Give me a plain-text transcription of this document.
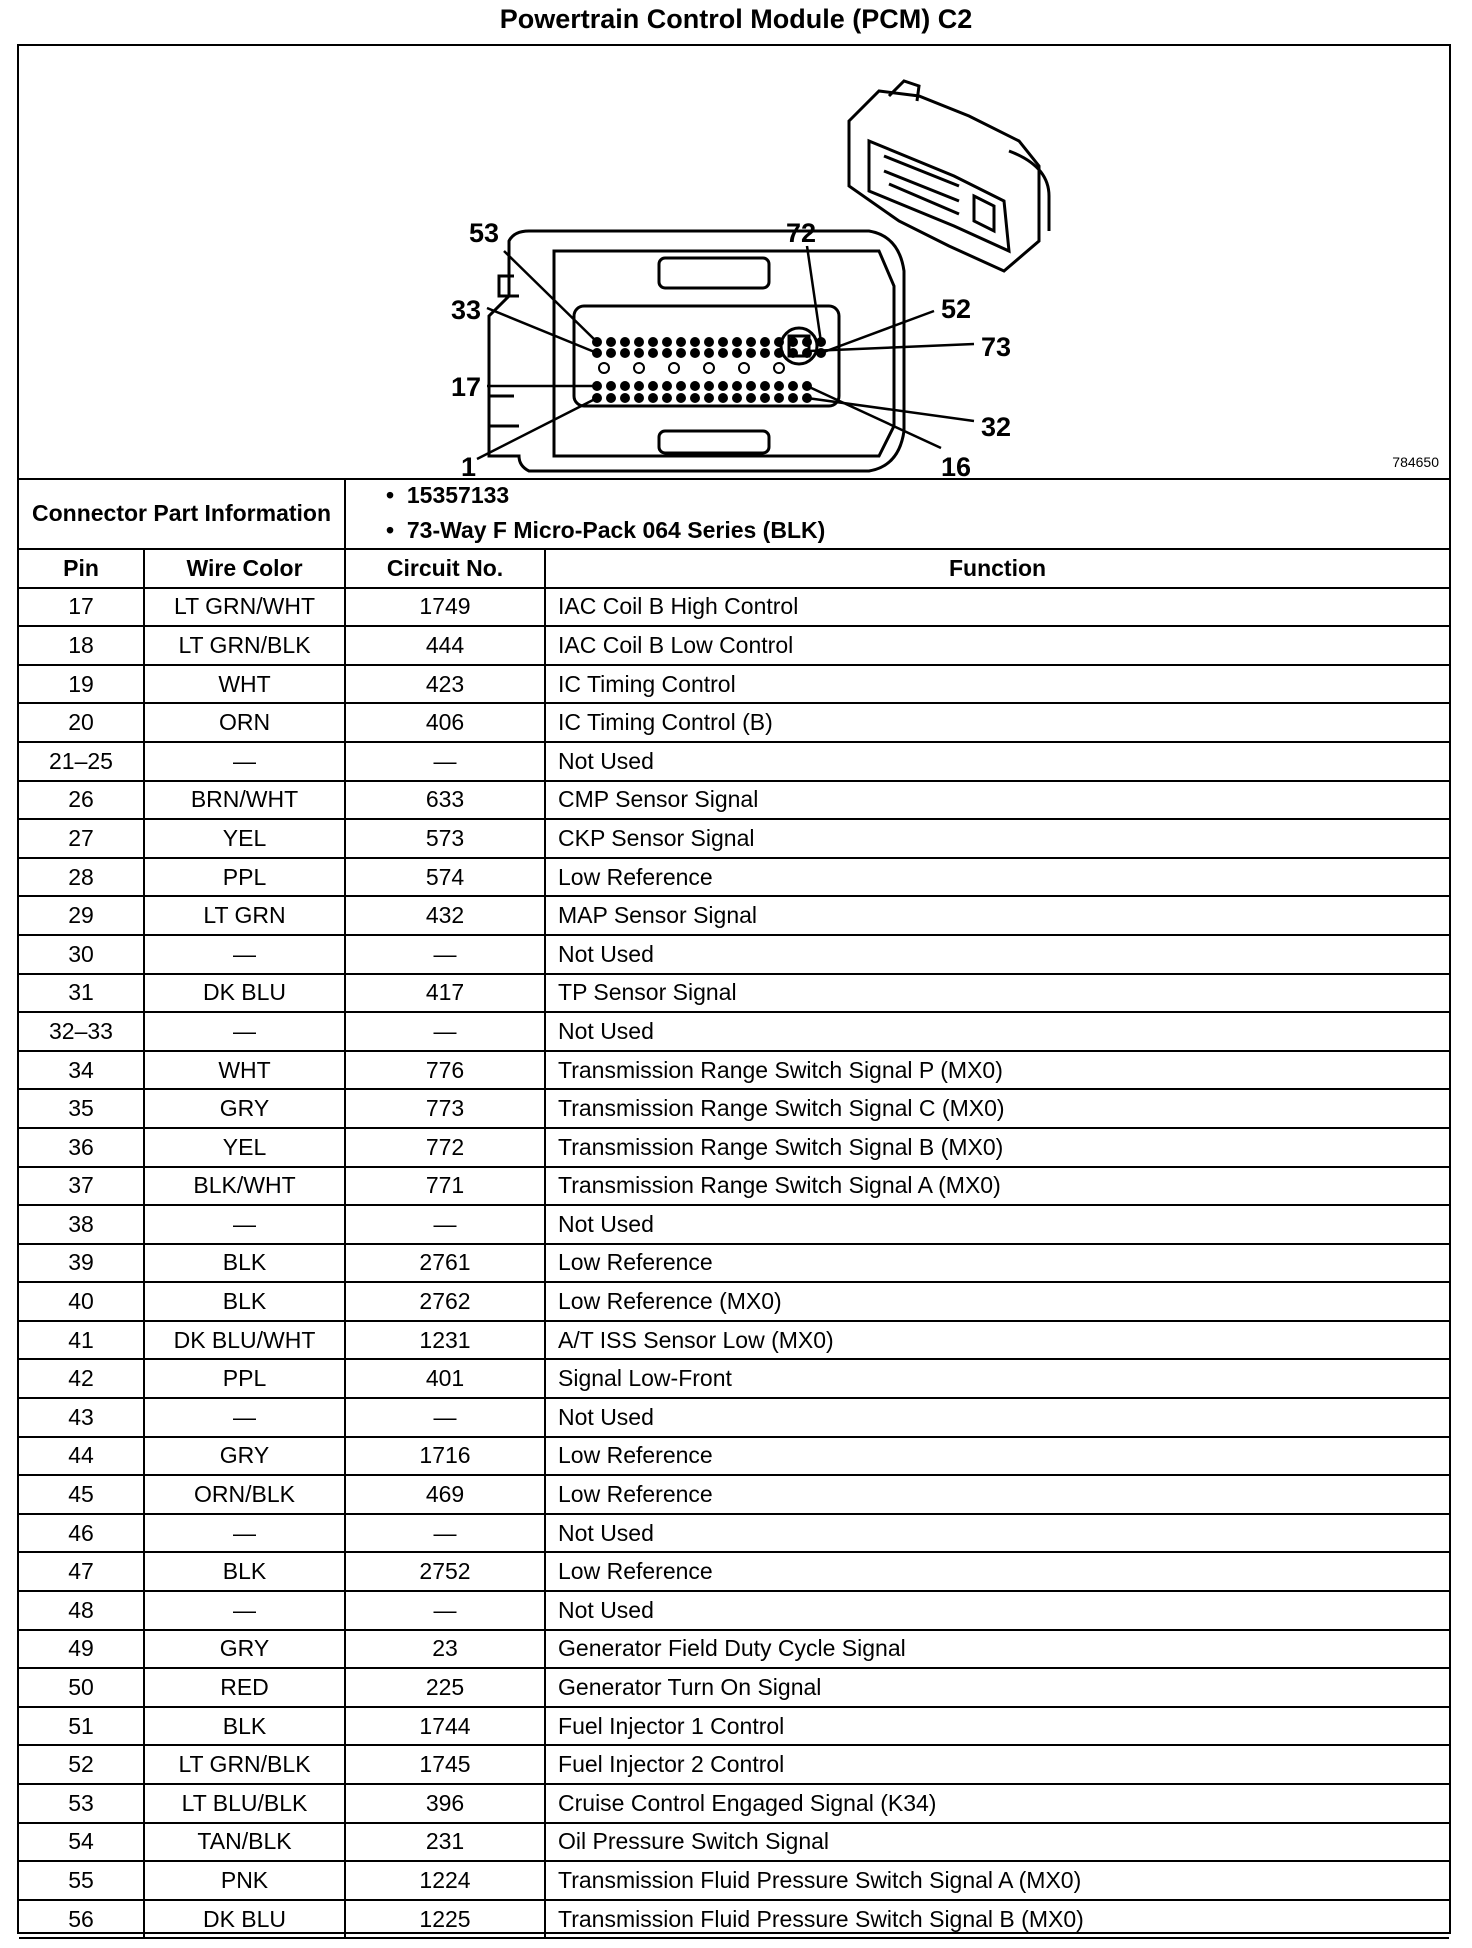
Powertrain Control Module (PCM) C2
53	72
33	52
73
17
32
1	16	784650
Connector Part Information		•  15357133
•  73-Way F Micro-Pack 064 Series (BLK)	

Pin	Wire Color	Circuit No.	Function
17	LT GRN/WHT	1749	IAC Coil B High Control
18	LT GRN/BLK	444	IAC Coil B Low Control
19	WHT	423	IC Timing Control
20	ORN	406	IC Timing Control (B)
21–25	—	—	Not Used
26	BRN/WHT	633	CMP Sensor Signal
27	YEL	573	CKP Sensor Signal
28	PPL	574	Low Reference
29	LT GRN	432	MAP Sensor Signal
30	—	—	Not Used
31	DK BLU	417	TP Sensor Signal
32–33	—	—	Not Used
34	WHT	776	Transmission Range Switch Signal P (MX0)
35	GRY	773	Transmission Range Switch Signal C (MX0)
36	YEL	772	Transmission Range Switch Signal B (MX0)
37	BLK/WHT	771	Transmission Range Switch Signal A (MX0)
38	—	—	Not Used
39	BLK	2761	Low Reference
40	BLK	2762	Low Reference (MX0)
41	DK BLU/WHT	1231	A/T ISS Sensor Low (MX0)
42	PPL	401	Signal Low-Front
43	—	—	Not Used
44	GRY	1716	Low Reference
45	ORN/BLK	469	Low Reference
46	—	—	Not Used
47	BLK	2752	Low Reference
48	—	—	Not Used
49	GRY	23	Generator Field Duty Cycle Signal
50	RED	225	Generator Turn On Signal
51	BLK	1744	Fuel Injector 1 Control
52	LT GRN/BLK	1745	Fuel Injector 2 Control
53	LT BLU/BLK	396	Cruise Control Engaged Signal (K34)
54	TAN/BLK	231	Oil Pressure Switch Signal
55	PNK	1224	Transmission Fluid Pressure Switch Signal A (MX0)
56	DK BLU	1225	Transmission Fluid Pressure Switch Signal B (MX0)
